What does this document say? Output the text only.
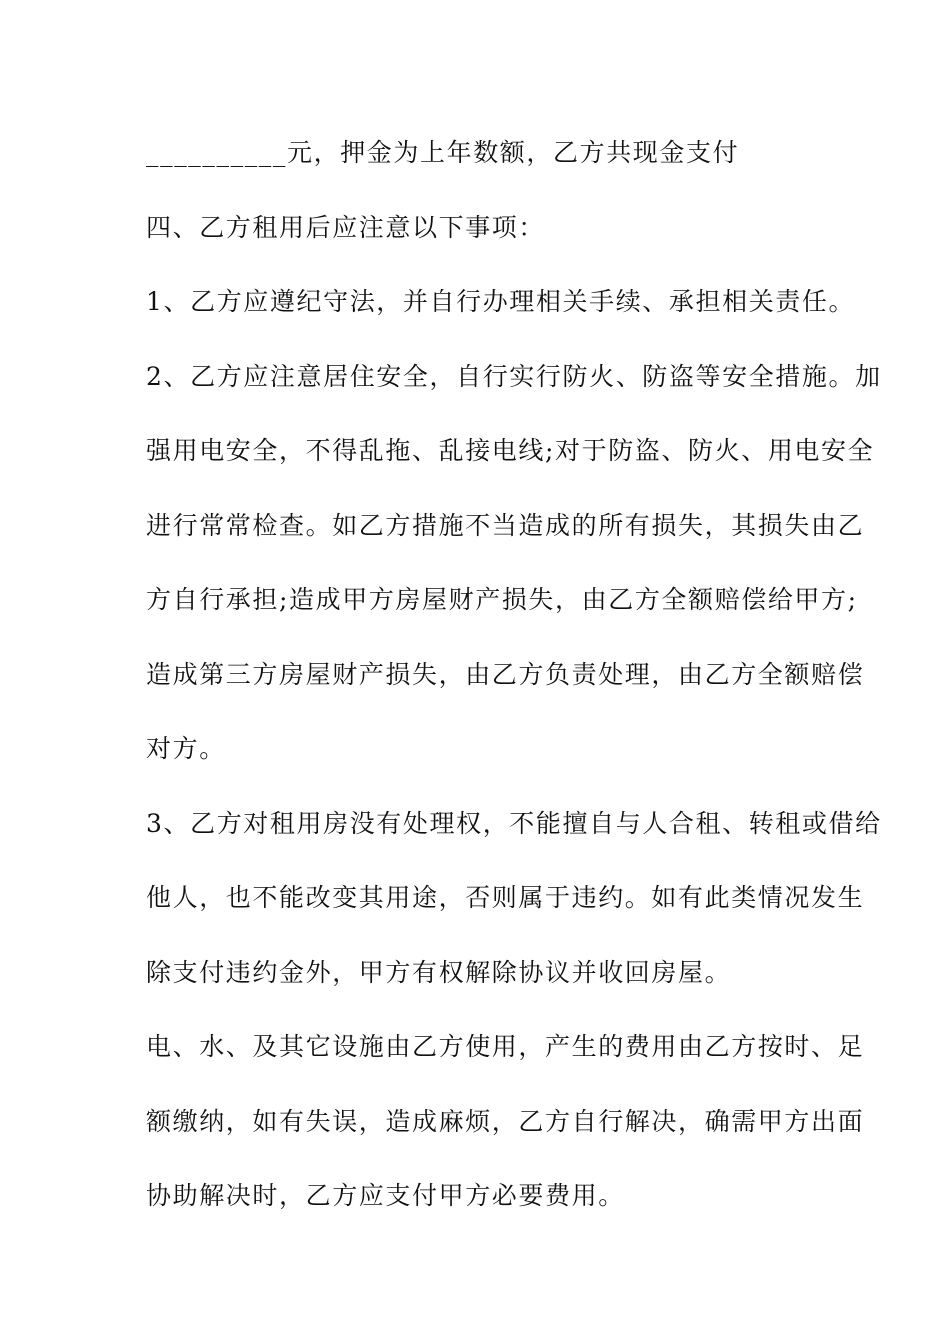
__________元，押金为上年数额，乙方共现金支付
四、乙方租用后应注意以下事项：
1、乙方应遵纪守法，并自行办理相关手续、承担相关责任。
2、乙方应注意居住安全，自行实行防火、防盗等安全措施。加
强用电安全，不得乱拖、乱接电线;对于防盗、防火、用电安全
进行常常检查。如乙方措施不当造成的所有损失，其损失由乙
方自行承担;造成甲方房屋财产损失，由乙方全额赔偿给甲方;
造成第三方房屋财产损失，由乙方负责处理，由乙方全额赔偿
对方。
3、乙方对租用房没有处理权，不能擅自与人合租、转租或借给
他人，也不能改变其用途，否则属于违约。如有此类情况发生
除支付违约金外，甲方有权解除协议并收回房屋。
电、水、及其它设施由乙方使用，产生的费用由乙方按时、足
额缴纳，如有失误，造成麻烦，乙方自行解决，确需甲方出面
协助解决时，乙方应支付甲方必要费用。
